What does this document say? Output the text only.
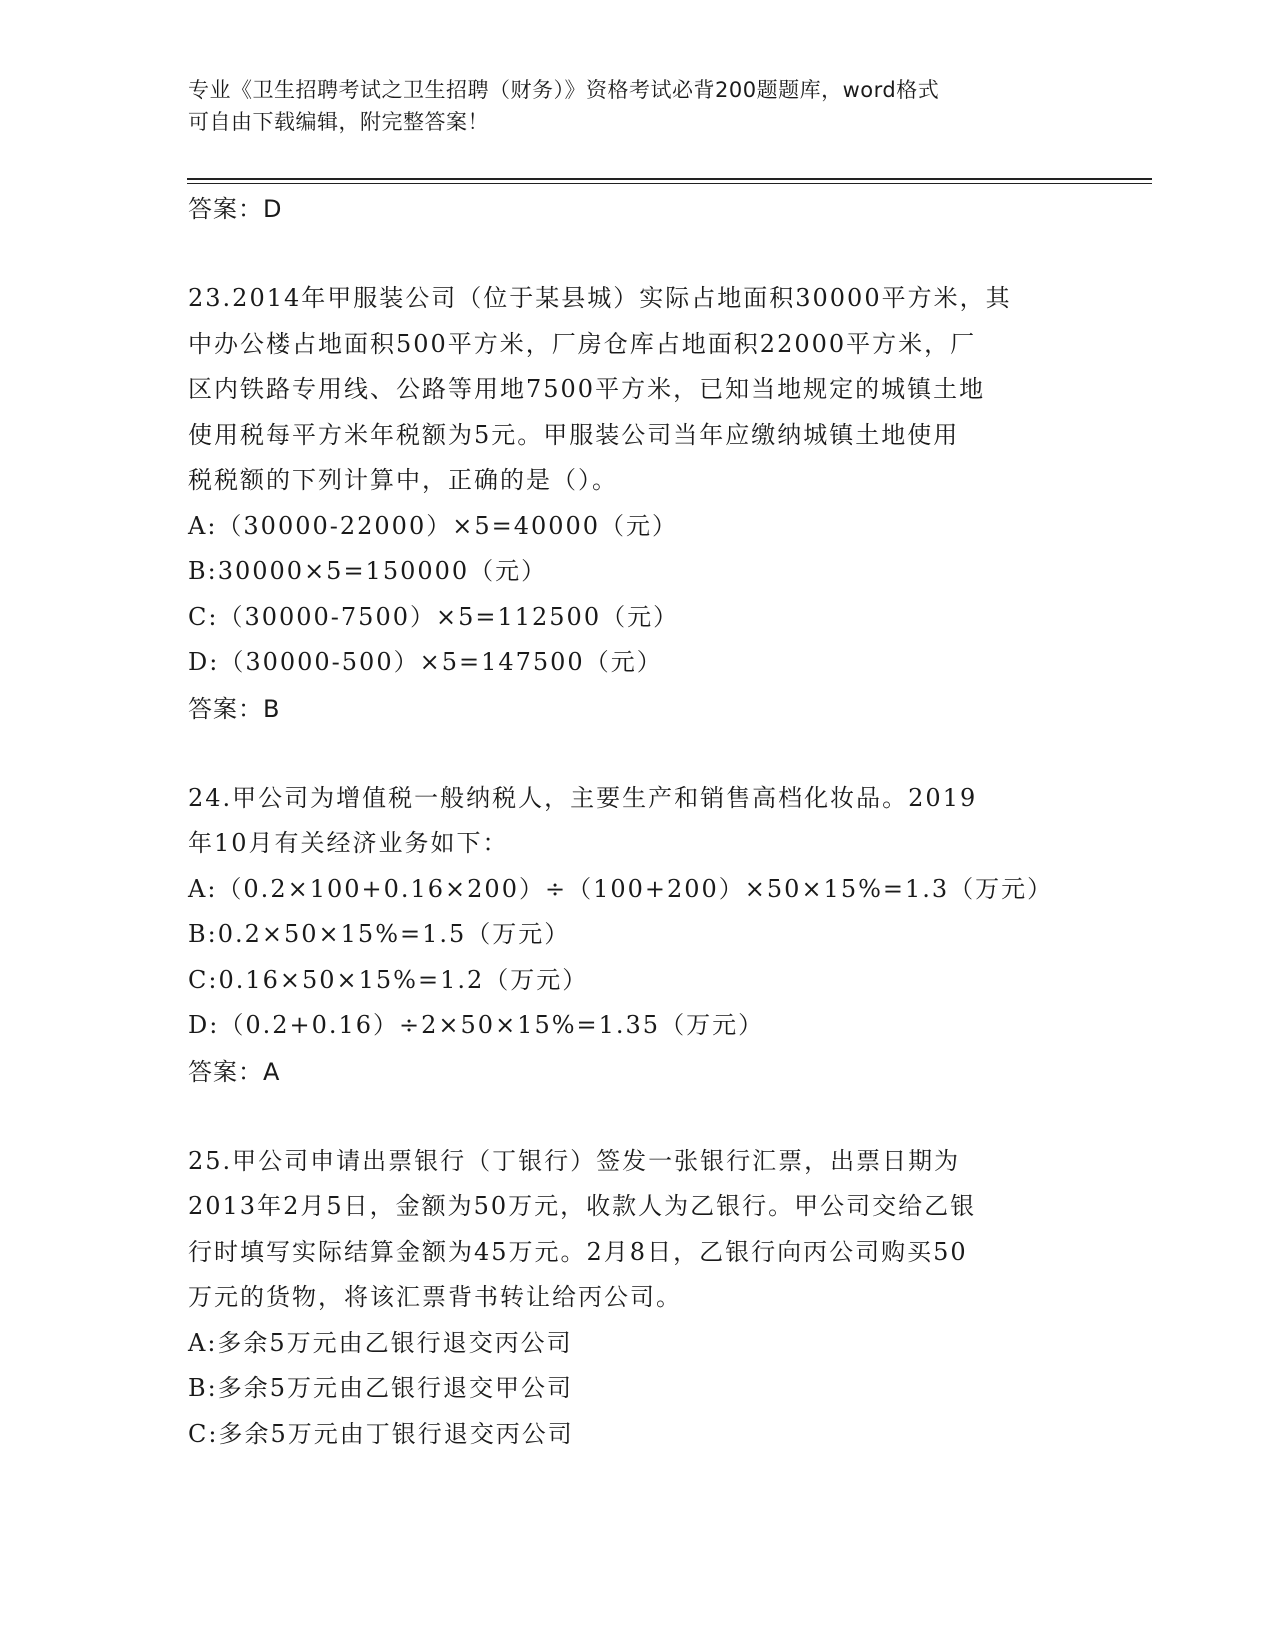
专业《卫生招聘考试之卫生招聘（财务）》资格考试必背200题题库，word格式
可自由下载编辑，附完整答案！
答案：D
23.2014年甲服装公司（位于某县城）实际占地面积30000平方米，其
中办公楼占地面积500平方米，厂房仓库占地面积22000平方米，厂
区内铁路专用线、公路等用地7500平方米，已知当地规定的城镇土地
使用税每平方米年税额为5元。甲服装公司当年应缴纳城镇土地使用
税税额的下列计算中，正确的是（）。
A:（30000-22000）×5=40000（元）
B:30000×5=150000（元）
C:（30000-7500）×5=112500（元）
D:（30000-500）×5=147500（元）
答案：B
24.甲公司为增值税一般纳税人，主要生产和销售高档化妆品。2019
年10月有关经济业务如下：
A:（0.2×100+0.16×200）÷（100+200）×50×15%=1.3（万元）
B:0.2×50×15%=1.5（万元）
C:0.16×50×15%=1.2（万元）
D:（0.2+0.16）÷2×50×15%=1.35（万元）
答案：A
25.甲公司申请出票银行（丁银行）签发一张银行汇票，出票日期为
2013年2月5日，金额为50万元，收款人为乙银行。甲公司交给乙银
行时填写实际结算金额为45万元。2月8日，乙银行向丙公司购买50
万元的货物，将该汇票背书转让给丙公司。
A:多余5万元由乙银行退交丙公司
B:多余5万元由乙银行退交甲公司
C:多余5万元由丁银行退交丙公司
